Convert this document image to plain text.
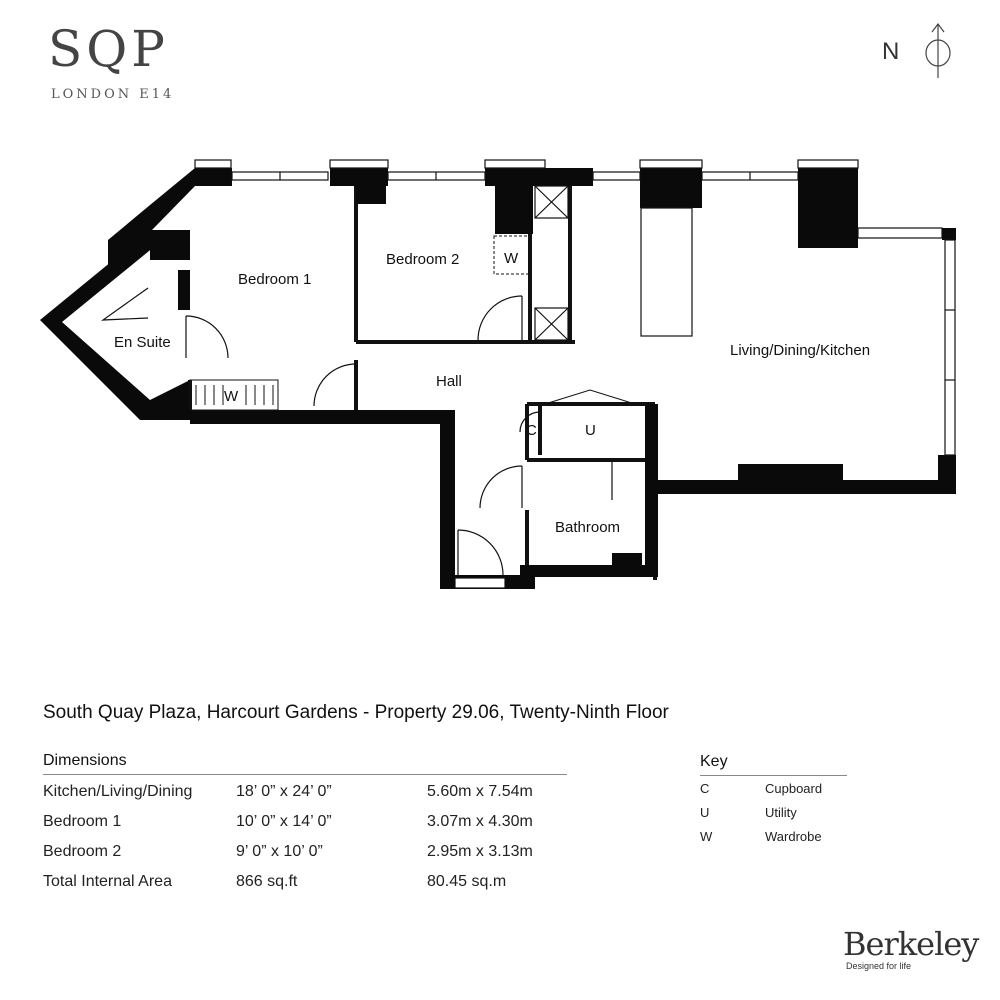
SQP
LONDON E14
N
Bedroom 1
Bedroom 2	W
En Suite
W
Hall
Living/Dining/Kitchen
C	U
Bathroom
South Quay Plaza, Harcourt Gardens - Property 29.06, Twenty-Ninth Floor
Dimensions
Kitchen/Living/Dining	18’ 0” x 24’ 0”	5.60m x 7.54m
Bedroom 1	10’ 0” x 14’ 0”	3.07m x 4.30m
Bedroom 2	9’ 0” x 10’ 0”	2.95m x 3.13m
Total Internal Area	866 sq.ft	80.45 sq.m
Key
C	Cupboard
U	Utility
W	Wardrobe
Berkeley
Designed for life
